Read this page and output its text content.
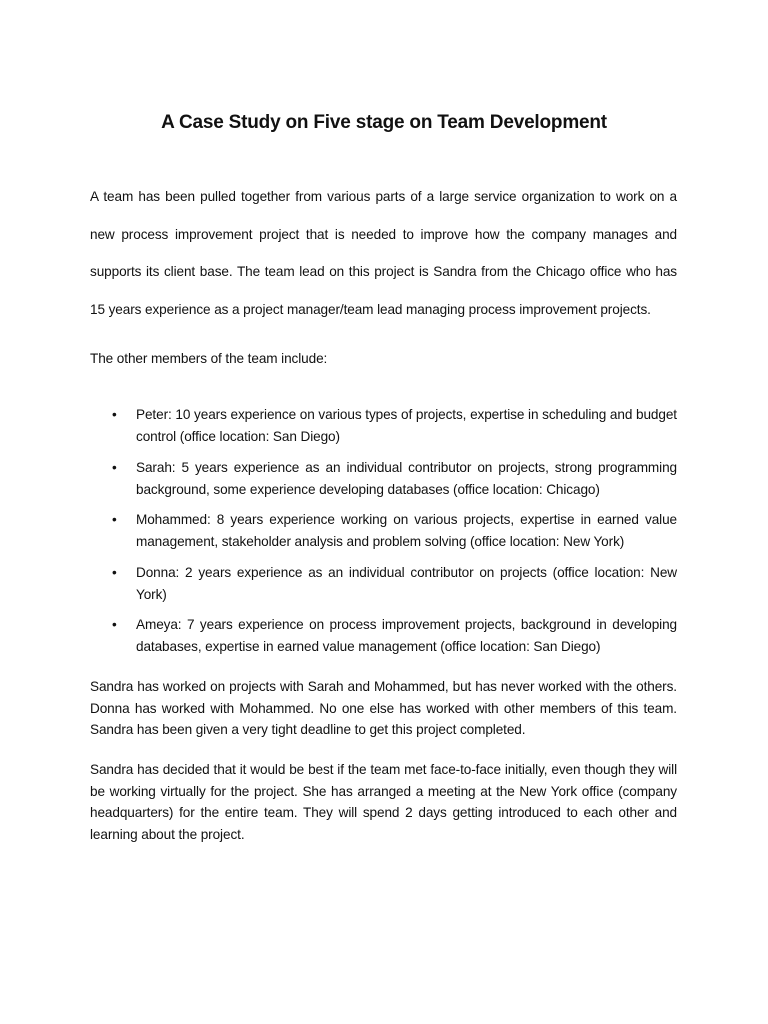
A Case Study on Five stage on Team Development

A team has been pulled together from various parts of a large service organization to work on a new process improvement project that is needed to improve how the company manages and supports its client base. The team lead on this project is Sandra from the Chicago office who has 15 years experience as a project manager/team lead managing process improvement projects.

The other members of the team include:

• Peter: 10 years experience on various types of projects, expertise in scheduling and budget control (office location: San Diego)
• Sarah: 5 years experience as an individual contributor on projects, strong programming background, some experience developing databases (office location: Chicago)
• Mohammed: 8 years experience working on various projects, expertise in earned value management, stakeholder analysis and problem solving (office location: New York)
• Donna: 2 years experience as an individual contributor on projects (office location: New York)
• Ameya: 7 years experience on process improvement projects, background in developing databases, expertise in earned value management (office location: San Diego)

Sandra has worked on projects with Sarah and Mohammed, but has never worked with the others. Donna has worked with Mohammed. No one else has worked with other members of this team. Sandra has been given a very tight deadline to get this project completed.

Sandra has decided that it would be best if the team met face-to-face initially, even though they will be working virtually for the project. She has arranged a meeting at the New York office (company headquarters) for the entire team. They will spend 2 days getting introduced to each other and learning about the project.
